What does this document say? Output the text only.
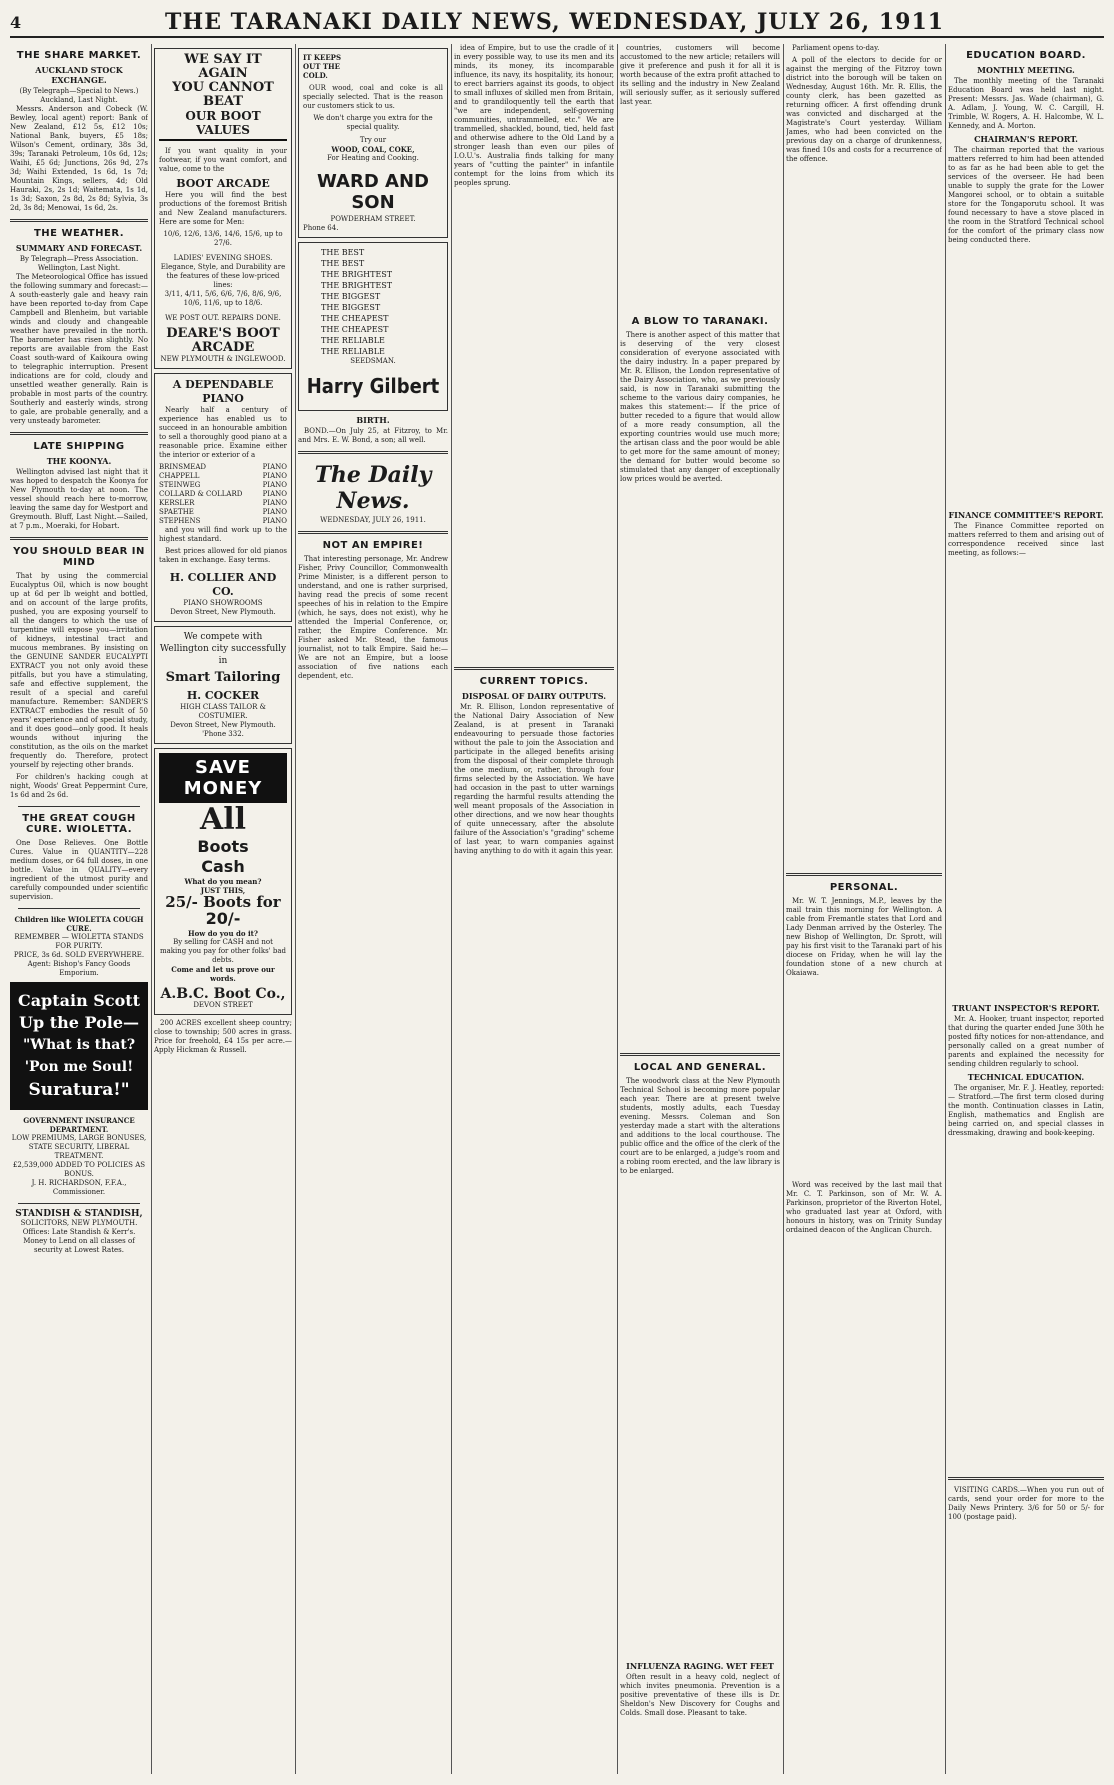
4	THE TARANAKI DAILY NEWS, WEDNESDAY, JULY 26, 1911
THE SHARE MARKET.
AUCKLAND STOCK EXCHANGE.
(By Telegraph—Special to News.) Auckland, Last Night.
Messrs. Anderson and Cobeck (W. Bewley, local agent) report: Bank of New Zealand, £12 5s, £12 10s; National Bank, buyers, £5 18s; Wilson's Cement, ordinary, 38s 3d, 39s; Taranaki Petroleum, 10s 6d, 12s; Waihi, £5 6d; Junctions, 26s 9d, 27s 3d; Waihi Extended, 1s 6d, 1s 7d; Mountain Kings, sellers, 4d; Old Hauraki, 2s, 2s 1d; Waitemata, 1s 1d, 1s 3d; Saxon, 2s 8d, 2s 8d; Sylvia, 3s 2d, 3s 8d; Menowai, 1s 6d, 2s.
THE WEATHER.
SUMMARY AND FORECAST.
By Telegraph—Press Association. Wellington, Last Night.
The Meteorological Office has issued the following summary and forecast:—A south-easterly gale and heavy rain have been reported to-day from Cape Campbell and Blenheim, but variable winds and cloudy and changeable weather have prevailed in the north. The barometer has risen slightly. No reports are available from the East Coast south-ward of Kaikoura owing to telegraphic interruption. Present indications are for cold, cloudy and unsettled weather generally. Rain is probable in most parts of the country. Southerly and easterly winds, strong to gale, are probable generally, and a very unsteady barometer.
LATE SHIPPING
THE KOONYA.
Wellington advised last night that it was hoped to despatch the Koonya for New Plymouth to-day at noon. The vessel should reach here to-morrow, leaving the same day for Westport and Greymouth. Bluff, Last Night.—Sailed, at 7 p.m., Moeraki, for Hobart.
YOU SHOULD BEAR IN MIND
That by using the commercial Eucalyptus Oil, which is now bought up at 6d per lb weight and bottled, and on account of the large profits, pushed, you are exposing yourself to all the dangers to which the use of turpentine will expose you—irritation of kidneys, intestinal tract and mucous membranes. By insisting on the GENUINE SANDER EUCALYPTI EXTRACT you not only avoid these pitfalls, but you have a stimulating, safe and effective supplement, the result of a special and careful manufacture. Remember: SANDER'S EXTRACT embodies the result of 50 years' experience and of special study, and it does good—only good. It heals wounds without injuring the constitution, as the oils on the market frequently do. Therefore, protect yourself by rejecting other brands.
For children's hacking cough at night, Woods' Great Peppermint Cure, 1s 6d and 2s 6d.
THE GREAT COUGH CURE. WIOLETTA.
One Dose Relieves. One Bottle Cures. Value in QUANTITY—228 medium doses, or 64 full doses, in one bottle. Value in QUALITY—every ingredient of the utmost purity and carefully compounded under scientific supervision.
Children like WIOLETTA COUGH CURE.
REMEMBER — WIOLETTA STANDS FOR PURITY.
PRICE, 3s 6d. SOLD EVERYWHERE.
Agent: Bishop's Fancy Goods Emporium.
Captain Scott
Up the Pole—
"What is that?
'Pon me Soul!
Suratura!"
GOVERNMENT INSURANCE DEPARTMENT.
LOW PREMIUMS, LARGE BONUSES, STATE SECURITY, LIBERAL TREATMENT.
£2,539,000 ADDED TO POLICIES AS BONUS.
J. H. RICHARDSON, F.F.A., Commissioner.
STANDISH & STANDISH,
SOLICITORS, NEW PLYMOUTH.
Offices: Late Standish & Kerr's.
Money to Lend on all classes of security at Lowest Rates.
WE SAY IT AGAIN
YOU CANNOT BEAT
OUR BOOT VALUES
If you want quality in your footwear, if you want comfort, and value, come to the
BOOT ARCADE
Here you will find the best productions of the foremost British and New Zealand manufacturers. Here are some for Men:
10/6, 12/6, 13/6, 14/6, 15/6, up to 27/6.
LADIES' EVENING SHOES. Elegance, Style, and Durability are the features of these low-priced lines:
3/11, 4/11, 5/6, 6/6, 7/6, 8/6, 9/6, 10/6, 11/6, up to 18/6.
WE POST OUT. REPAIRS DONE.
DEARE'S BOOT ARCADE
NEW PLYMOUTH & INGLEWOOD.
A DEPENDABLE PIANO
Nearly half a century of experience has enabled us to succeed in an honourable ambition to sell a thoroughly good piano at a reasonable price. Examine either the interior or exterior of a
BRINSMEAD	PIANO
CHAPPELL	PIANO
STEINWEG	PIANO
COLLARD & COLLARD	PIANO
KERSLER	PIANO
SPAETHE	PIANO
STEPHENS	PIANO
and you will find work up to the highest standard.
Best prices allowed for old pianos taken in exchange. Easy terms.
H. COLLIER AND CO.
PIANO SHOWROOMS
Devon Street, New Plymouth.
We compete with Wellington city successfully in
Smart Tailoring
H. COCKER
HIGH CLASS TAILOR & COSTUMIER.
Devon Street, New Plymouth.
'Phone 332.
SAVE MONEY
All
Boots
Cash
What do you mean?
JUST THIS,
25/- Boots for
20/-
How do you do it?
By selling for CASH and not making you pay for other folks' bad debts.
Come and let us prove our words.
A.B.C. Boot Co.,
DEVON STREET
200 ACRES excellent sheep country; close to township; 500 acres in grass. Price for freehold, £4 15s per acre.—Apply Hickman & Russell.
IT KEEPS OUT THE COLD.
OUR wood, coal and coke is all specially selected. That is the reason our customers stick to us.
We don't charge you extra for the special quality.
Try our
WOOD, COAL, COKE,
For Heating and Cooking.
WARD AND SON
POWDERHAM STREET.
Phone 64.
THE BEST
THE BEST
THE BRIGHTEST
THE BRIGHTEST
THE BIGGEST
THE BIGGEST
THE CHEAPEST
THE CHEAPEST
THE RELIABLE
THE RELIABLE
SEEDSMAN.
Harry Gilbert
BIRTH.
BOND.—On July 25, at Fitzroy, to Mr. and Mrs. E. W. Bond, a son; all well.
The Daily News.
WEDNESDAY, JULY 26, 1911.
NOT AN EMPIRE!
That interesting personage, Mr. Andrew Fisher, Privy Councillor, Commonwealth Prime Minister, is a different person to understand, and one is rather surprised, having read the precis of some recent speeches of his in relation to the Empire (which, he says, does not exist), why he attended the Imperial Conference, or, rather, the Empire Conference. Mr. Fisher asked Mr. Stead, the famous journalist, not to talk Empire. Said he:— We are not an Empire, but a loose association of five nations each dependent, etc.
idea of Empire, but to use the cradle of it in every possible way, to use its men and its minds, its money, its incomparable influence, its navy, its hospitality, its honour, to erect barriers against its goods, to object to small influxes of skilled men from Britain, and to grandiloquently tell the earth that "we are independent, self-governing communities, untrammelled, etc." We are trammelled, shackled, bound, tied, held fast and otherwise adhere to the Old Land by a stronger leash than even our piles of I.O.U.'s. Australia finds talking for many years of "cutting the painter" in infantile contempt for the loins from which its peoples sprung.
CURRENT TOPICS.
DISPOSAL OF DAIRY OUTPUTS.
Mr. R. Ellison, London representative of the National Dairy Association of New Zealand, is at present in Taranaki endeavouring to persuade those factories without the pale to join the Association and participate in the alleged benefits arising from the disposal of their complete through the one medium, or, rather, through four firms selected by the Association. We have had occasion in the past to utter warnings regarding the harmful results attending the well meant proposals of the Association in other directions, and we now hear thoughts of quite unnecessary, after the absolute failure of the Association's "grading" scheme of last year, to warn companies against having anything to do with it again this year.
countries, customers will become accustomed to the new article; retailers will give it preference and push it for all it is worth because of the extra profit attached to its selling and the industry in New Zealand will seriously suffer, as it seriously suffered last year.
A BLOW TO TARANAKI.
There is another aspect of this matter that is deserving of the very closest consideration of everyone associated with the dairy industry. In a paper prepared by Mr. R. Ellison, the London representative of the Dairy Association, who, as we previously said, is now in Taranaki submitting the scheme to the various dairy companies, he makes this statement:— If the price of butter receded to a figure that would allow of a more ready consumption, all the exporting countries would use much more; the artisan class and the poor would be able to get more for the same amount of money; the demand for butter would become so stimulated that any danger of exceptionally low prices would be averted.
LOCAL AND GENERAL.
The woodwork class at the New Plymouth Technical School is becoming more popular each year. There are at present twelve students, mostly adults, each Tuesday evening. Messrs. Coleman and Son yesterday made a start with the alterations and additions to the local courthouse. The public office and the office of the clerk of the court are to be enlarged, a judge's room and a robing room erected, and the law library is to be enlarged.
INFLUENZA RAGING. WET FEET
Often result in a heavy cold, neglect of which invites pneumonia. Prevention is a positive preventative of these ills is Dr. Sheldon's New Discovery for Coughs and Colds. Small dose. Pleasant to take.
Parliament opens to-day.
A poll of the electors to decide for or against the merging of the Fitzroy town district into the borough will be taken on Wednesday, August 16th. Mr. R. Ellis, the county clerk, has been gazetted as returning officer. A first offending drunk was convicted and discharged at the Magistrate's Court yesterday. William James, who had been convicted on the previous day on a charge of drunkenness, was fined 10s and costs for a recurrence of the offence.
PERSONAL.
Mr. W. T. Jennings, M.P., leaves by the mail train this morning for Wellington. A cable from Fremantle states that Lord and Lady Denman arrived by the Osterley. The new Bishop of Wellington, Dr. Sprott, will pay his first visit to the Taranaki part of his diocese on Friday, when he will lay the foundation stone of a new church at Okaiawa.
Word was received by the last mail that Mr. C. T. Parkinson, son of Mr. W. A. Parkinson, proprietor of the Riverton Hotel, who graduated last year at Oxford, with honours in history, was on Trinity Sunday ordained deacon of the Anglican Church.
EDUCATION BOARD.
MONTHLY MEETING.
The monthly meeting of the Taranaki Education Board was held last night. Present: Messrs. Jas. Wade (chairman), G. A. Adlam, J. Young, W. C. Cargill, H. Trimble, W. Rogers, A. H. Halcombe, W. L. Kennedy, and A. Morton.
CHAIRMAN'S REPORT.
The chairman reported that the various matters referred to him had been attended to as far as he had been able to get the services of the overseer. He had been unable to supply the grate for the Lower Mangorei school, or to obtain a suitable store for the Tongaporutu school. It was found necessary to have a stove placed in the room in the Stratford Technical school for the comfort of the primary class now being conducted there.
FINANCE COMMITTEE'S REPORT.
The Finance Committee reported on matters referred to them and arising out of correspondence received since last meeting, as follows:—
TRUANT INSPECTOR'S REPORT.
Mr. A. Hooker, truant inspector, reported that during the quarter ended June 30th he posted fifty notices for non-attendance, and personally called on a great number of parents and explained the necessity for sending children regularly to school.
TECHNICAL EDUCATION.
The organiser, Mr. F. J. Heatley, reported:— Stratford.—The first term closed during the month. Continuation classes in Latin, English, mathematics and English are being carried on, and special classes in dressmaking, drawing and book-keeping.
VISITING CARDS.—When you run out of cards, send your order for more to the Daily News Printery. 3/6 for 50 or 5/- for 100 (postage paid).
